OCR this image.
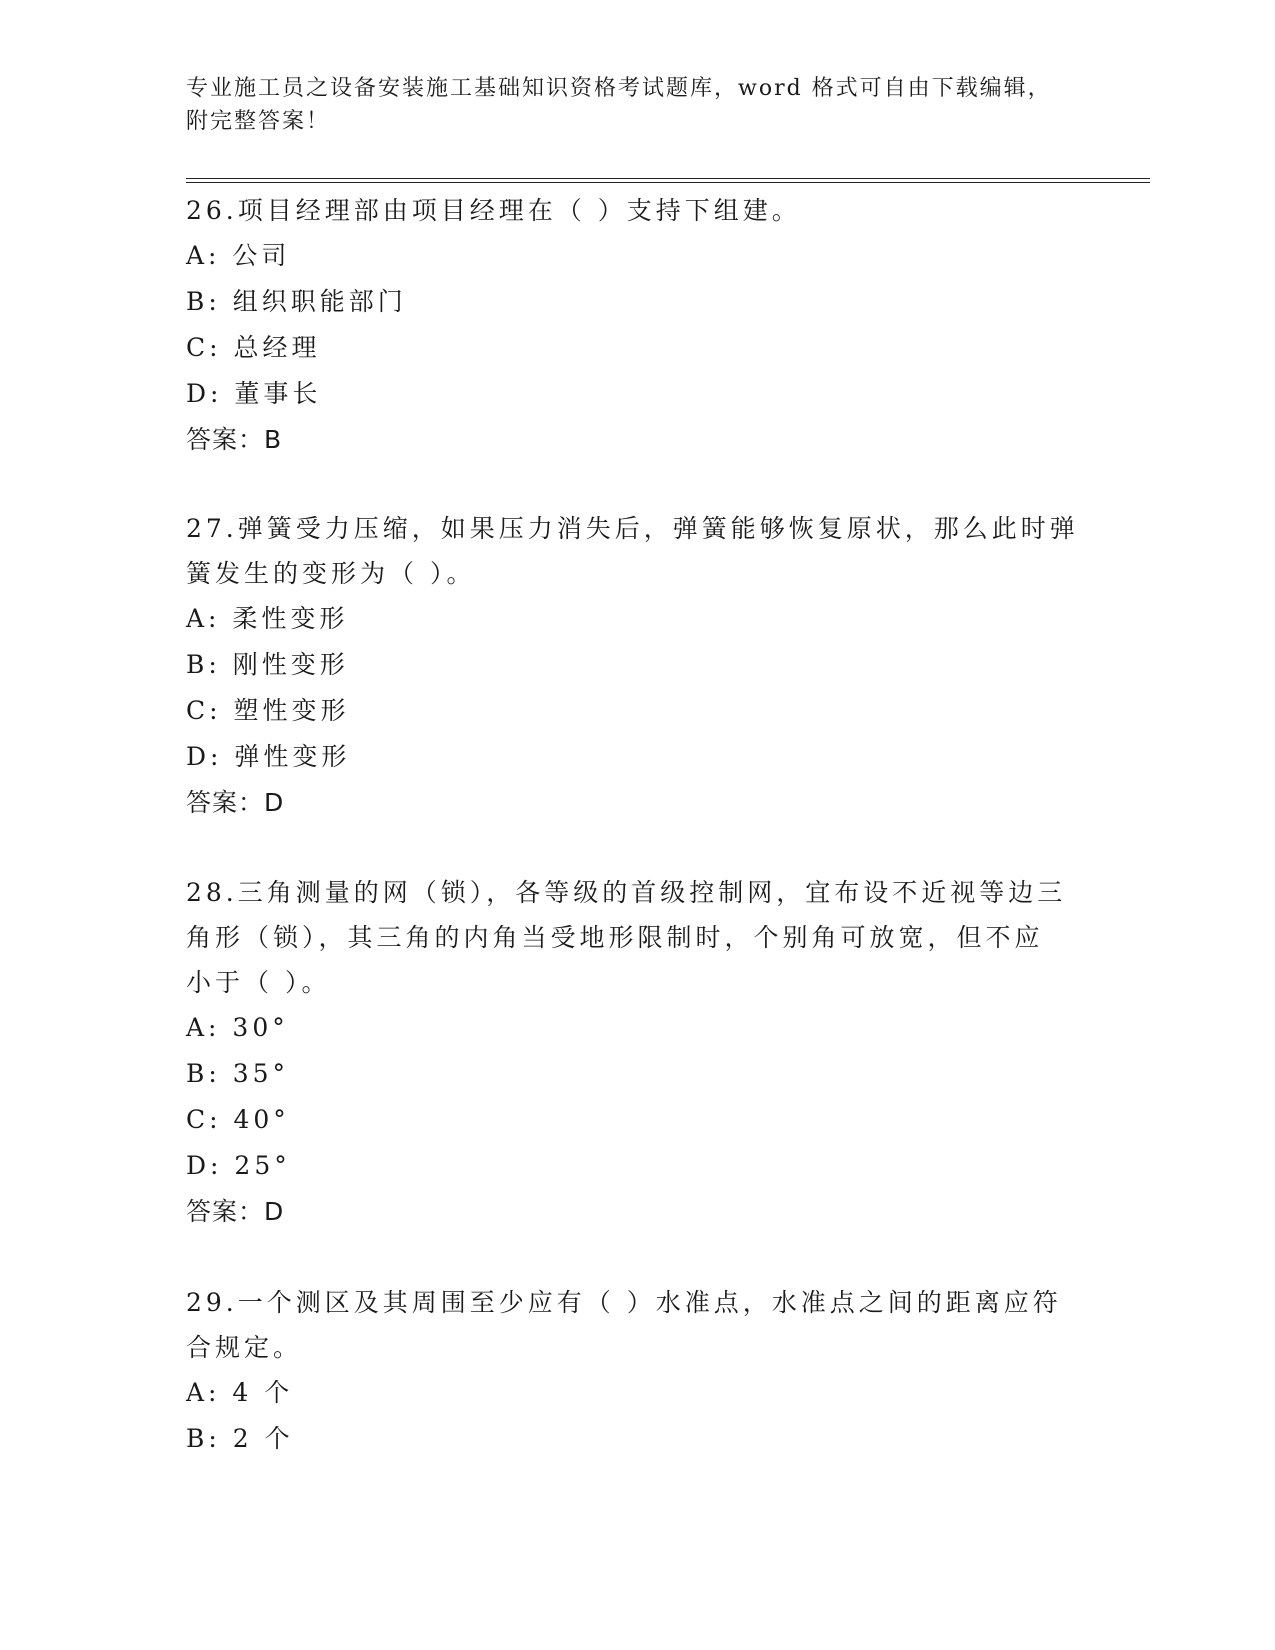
专业施工员之设备安装施工基础知识资格考试题库，word 格式可自由下载编辑，
附完整答案！

26.项目经理部由项目经理在（ ）支持下组建。

A: 公司

B: 组织职能部门

C: 总经理

D: 董事长

答案：B

27.弹簧受力压缩，如果压力消失后，弹簧能够恢复原状，那么此时弹

簧发生的变形为（ ）。

A: 柔性变形

B: 刚性变形

C: 塑性变形

D: 弹性变形

答案：D

28.三角测量的网（锁），各等级的首级控制网，宜布设不近视等边三

角形（锁），其三角的内角当受地形限制时，个别角可放宽，但不应

小于（ ）。

A: 30°

B: 35°

C: 40°

D: 25°

答案：D

29.一个测区及其周围至少应有（ ）水准点，水准点之间的距离应符

合规定。

A: 4 个

B: 2 个
